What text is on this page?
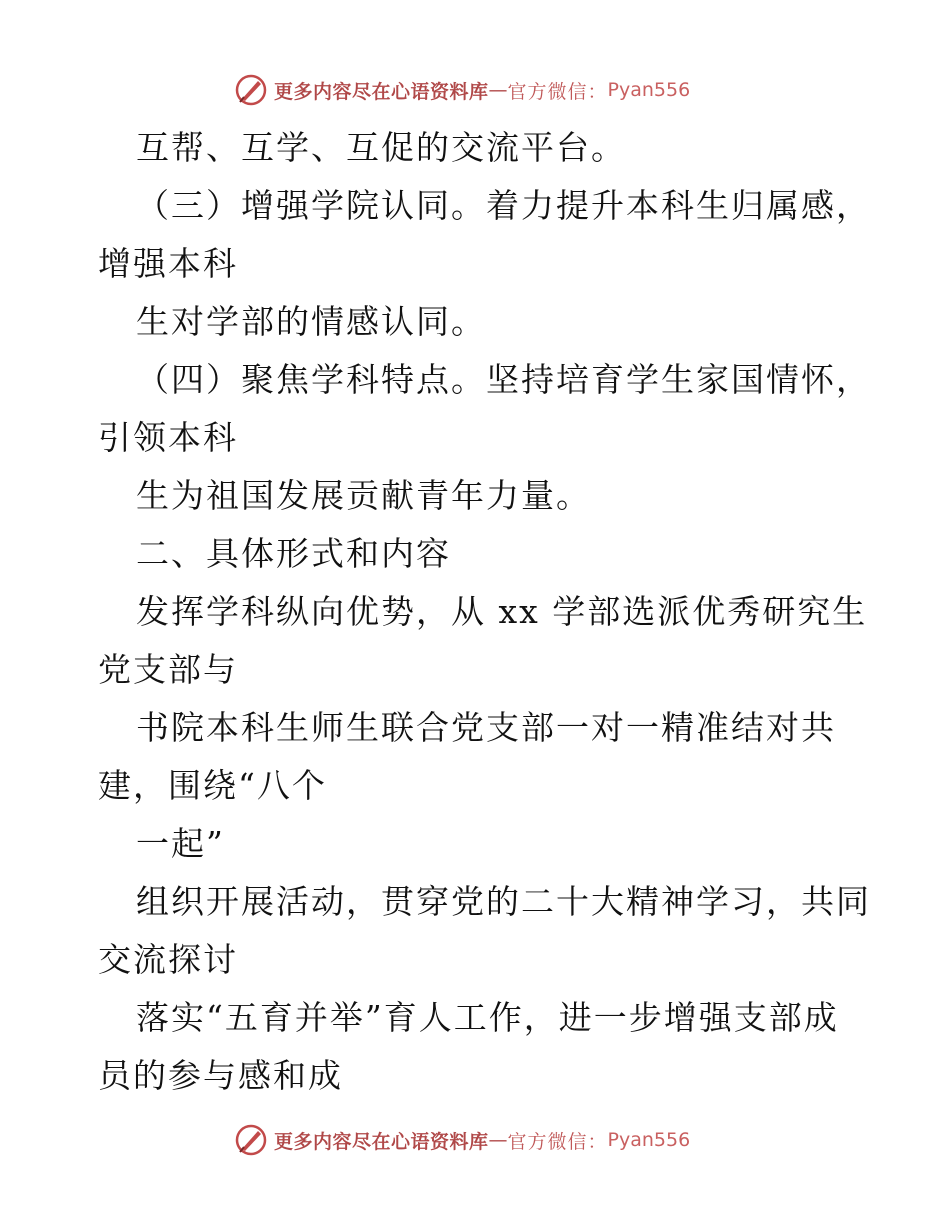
更多内容尽在心语资料库 — 官方微信： Pyan556
互帮、互学、互促的交流平台。
（三）增强学院认同。着力提升本科生归属感，
增强本科
生对学部的情感认同。
（四）聚焦学科特点。坚持培育学生家国情怀，
引领本科
生为祖国发展贡献青年力量。
二、具体形式和内容
发挥学科纵向优势，从 xx 学部选派优秀研究生
党支部与
书院本科生师生联合党支部一对一精准结对共
建，围绕“八个
一起”
组织开展活动，贯穿党的二十大精神学习，共同
交流探讨
落实“五育并举”育人工作，进一步增强支部成
员的参与感和成
更多内容尽在心语资料库 — 官方微信： Pyan556
